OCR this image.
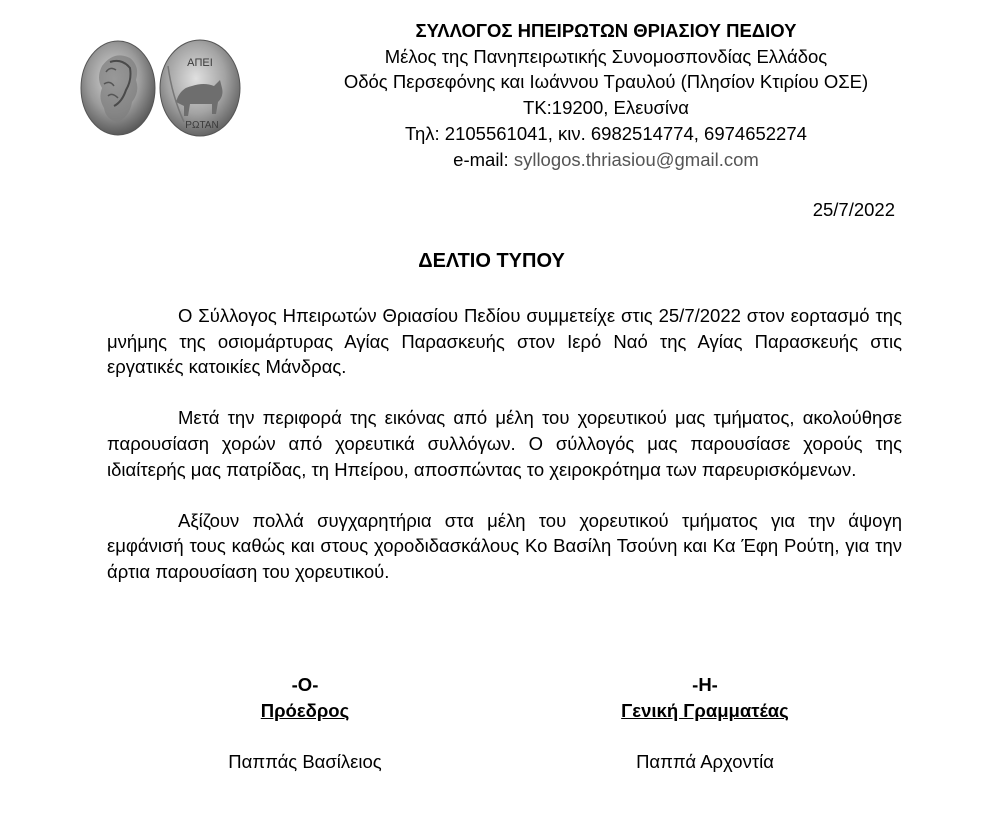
ΑΠΕΙ
ΡΩΤΑΝ
ΣΥΛΛΟΓΟΣ ΗΠΕΙΡΩΤΩΝ ΘΡΙΑΣΙΟΥ ΠΕΔΙΟΥ
Μέλος της Πανηπειρωτικής Συνομοσπονδίας Ελλάδος
Οδός Περσεφόνης και Ιωάννου Τραυλού (Πλησίον Κτιρίου ΟΣΕ)
ΤΚ:19200, Ελευσίνα
Τηλ: 2105561041, κιν. 6982514774, 6974652274
e-mail: syllogos.thriasiou@gmail.com
25/7/2022
ΔΕΛΤΙΟ ΤΥΠΟΥ

Ο Σύλλογος Ηπειρωτών Θριασίου Πεδίου συμμετείχε στις 25/7/2022 στον εορτασμό της μνήμης της οσιομάρτυρας Αγίας Παρασκευής στον Ιερό Ναό της Αγίας Παρασκευής στις εργατικές κατοικίες Μάνδρας.

Μετά την περιφορά της εικόνας από μέλη του χορευτικού μας τμήματος, ακολούθησε παρουσίαση χορών από χορευτικά συλλόγων. Ο σύλλογός μας παρουσίασε χορούς της ιδιαίτερής μας πατρίδας, τη Ηπείρου, αποσπώντας το χειροκρότημα των παρευρισκόμενων.

Αξίζουν πολλά συγχαρητήρια στα μέλη του χορευτικού τμήματος για την άψογη εμφάνισή τους καθώς και στους χοροδιδασκάλους Κο Βασίλη Τσούνη και Κα Έφη Ρούτη, για την άρτια παρουσίαση του χορευτικού.

-Ο-
Πρόεδρος
Παππάς Βασίλειος
-Η-
Γενική Γραμματέας
Παππά Αρχοντία
